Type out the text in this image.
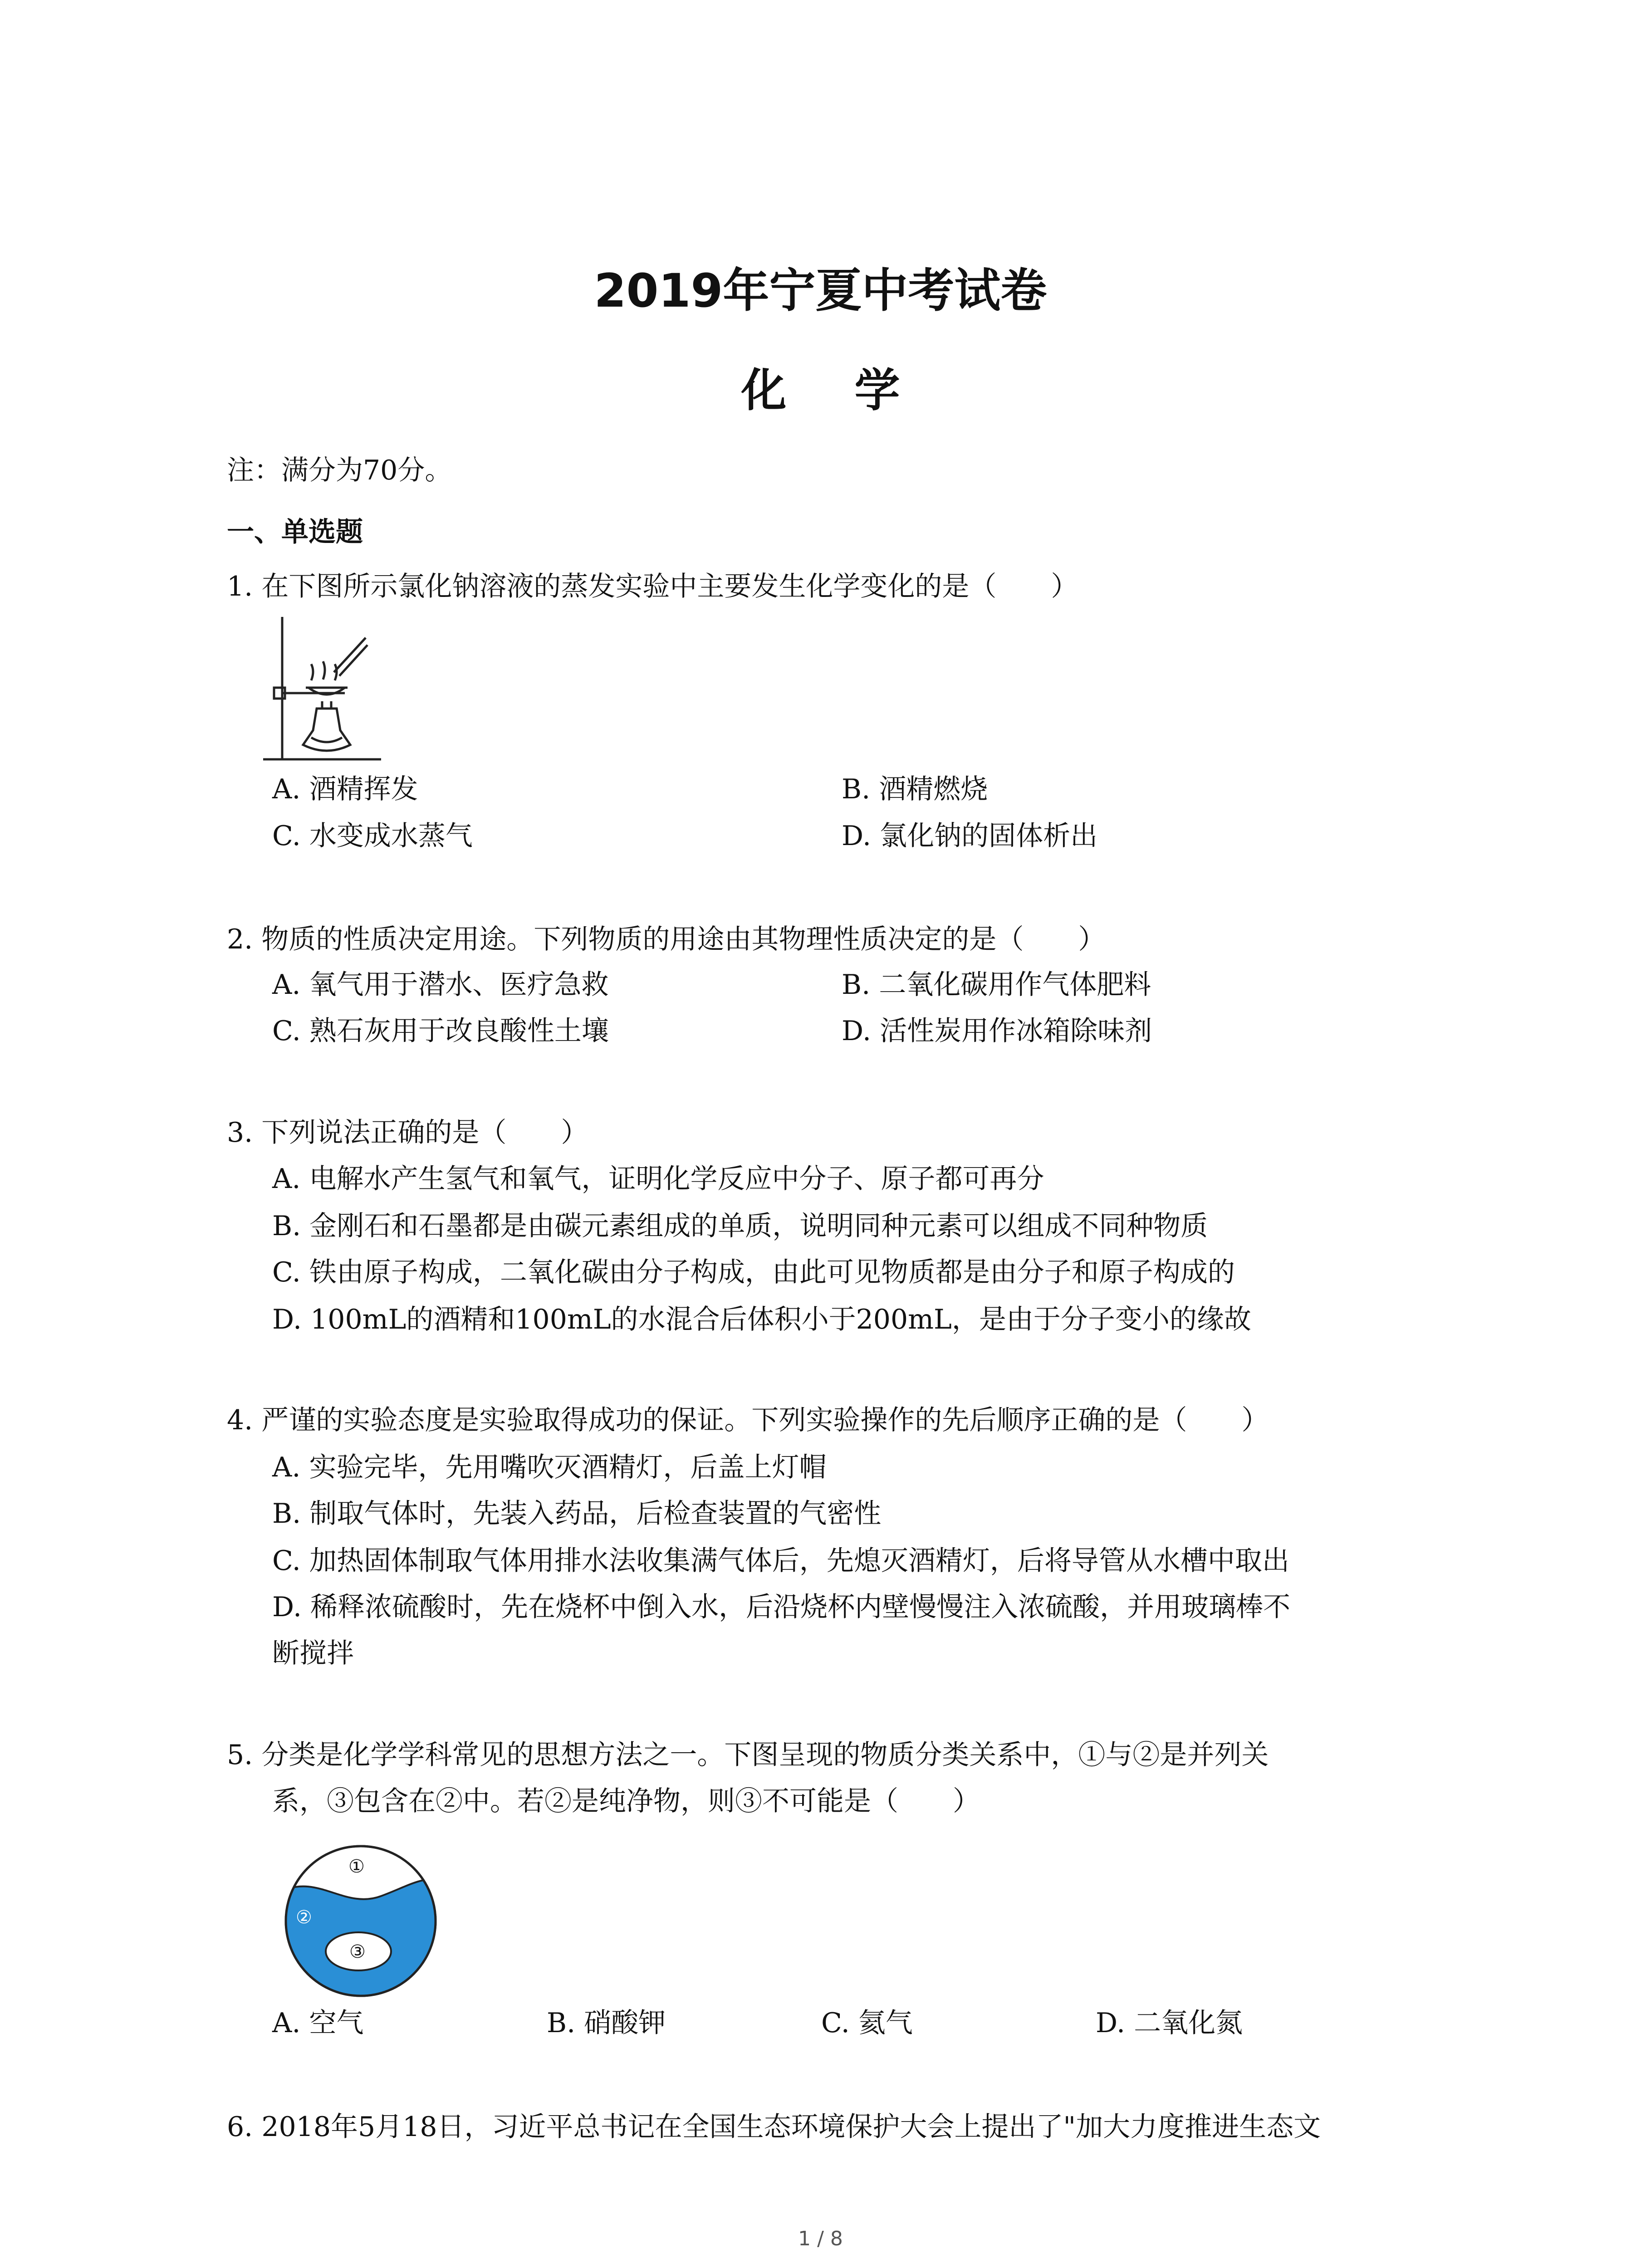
2019年宁夏中考试卷
化学
注：满分为70分。
一、单选题
1. 在下图所示氯化钠溶液的蒸发实验中主要发生化学变化的是（　　）
A. 酒精挥发	B. 酒精燃烧
C. 水变成水蒸气	D. 氯化钠的固体析出
2. 物质的性质决定用途。下列物质的用途由其物理性质决定的是（　　）
A. 氧气用于潜水、医疗急救	B. 二氧化碳用作气体肥料
C. 熟石灰用于改良酸性土壤	D. 活性炭用作冰箱除味剂
3. 下列说法正确的是（　　）
A. 电解水产生氢气和氧气，证明化学反应中分子、原子都可再分
B. 金刚石和石墨都是由碳元素组成的单质，说明同种元素可以组成不同种物质
C. 铁由原子构成，二氧化碳由分子构成，由此可见物质都是由分子和原子构成的
D. 100mL的酒精和100mL的水混合后体积小于200mL，是由于分子变小的缘故
4. 严谨的实验态度是实验取得成功的保证。下列实验操作的先后顺序正确的是（　　）
A. 实验完毕，先用嘴吹灭酒精灯，后盖上灯帽
B. 制取气体时，先装入药品，后检查装置的气密性
C. 加热固体制取气体用排水法收集满气体后，先熄灭酒精灯，后将导管从水槽中取出
D. 稀释浓硫酸时，先在烧杯中倒入水，后沿烧杯内壁慢慢注入浓硫酸，并用玻璃棒不
断搅拌
5. 分类是化学学科常见的思想方法之一。下图呈现的物质分类关系中，①与②是并列关
系，③包含在②中。若②是纯净物，则③不可能是（　　）
①
②
③
A. 空气	B. 硝酸钾	C. 氦气	D. 二氧化氮
6. 2018年5月18日，习近平总书记在全国生态环境保护大会上提出了"加大力度推进生态文
1 / 8
